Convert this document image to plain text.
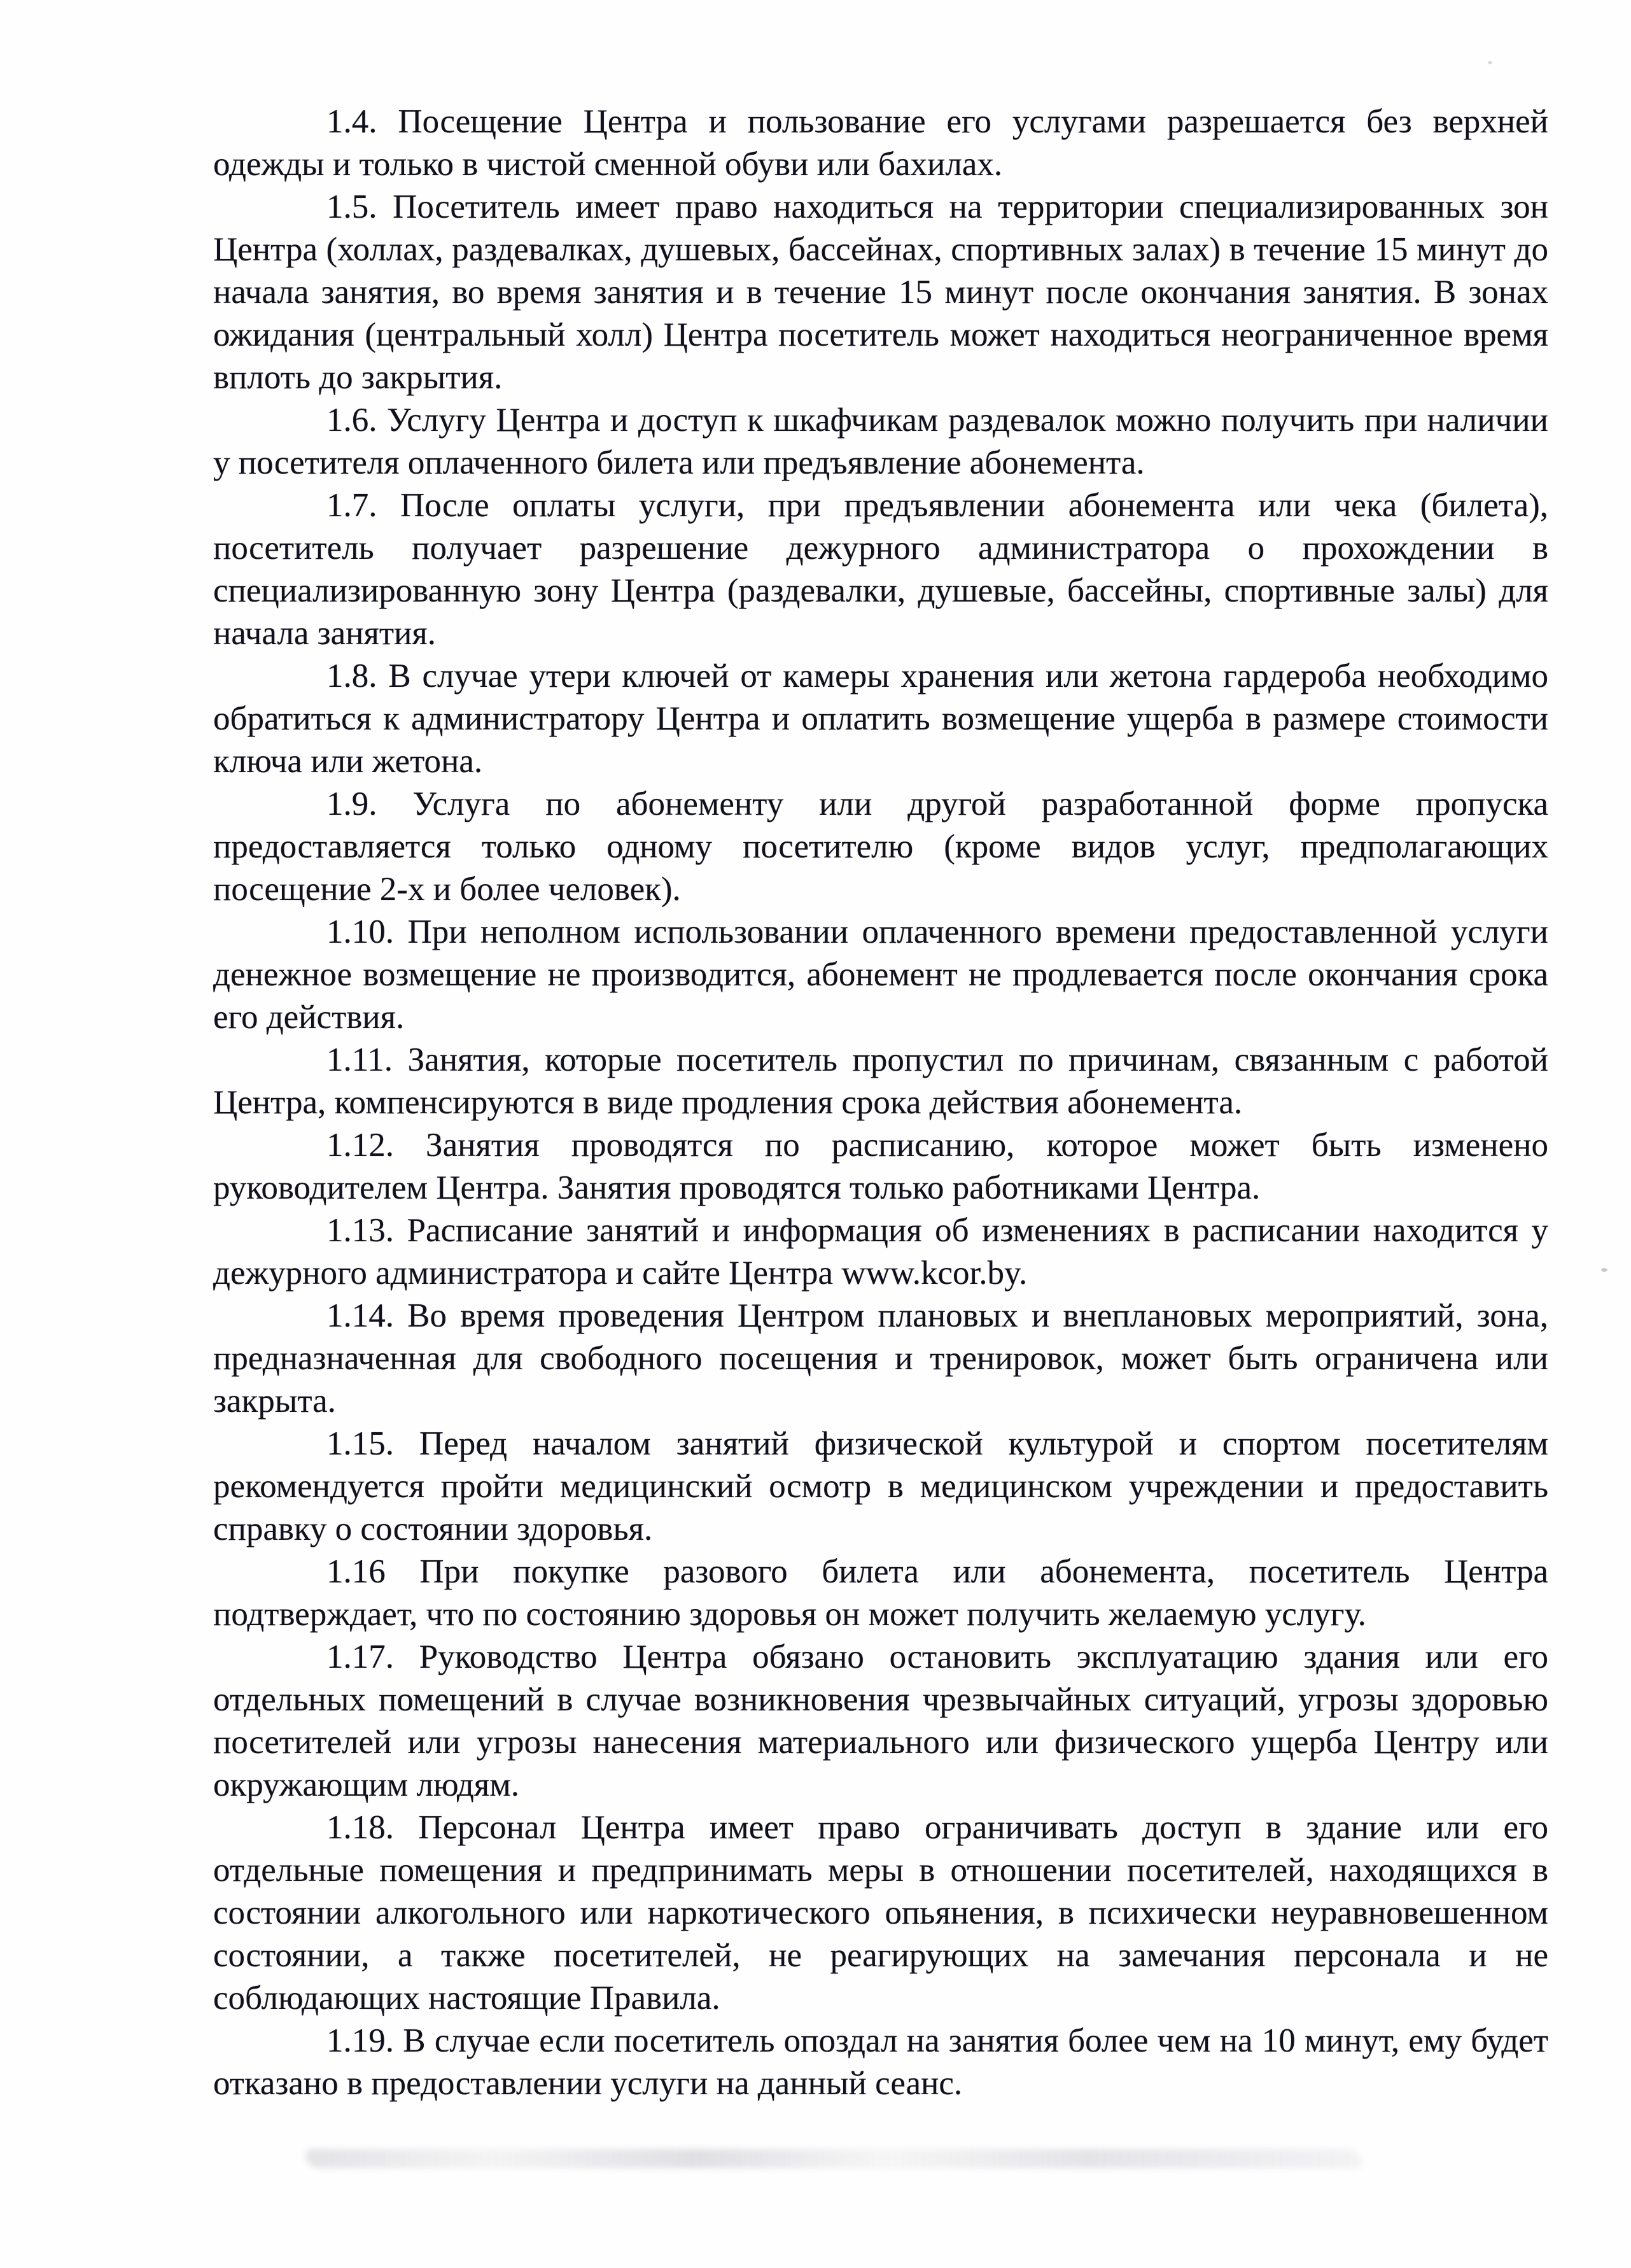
1.4. Посещение Центра и пользование его услугами разрешается без верхней одежды и только в чистой сменной обуви или бахилах.

1.5. Посетитель имеет право находиться на территории специализированных зон Центра (холлах, раздевалках, душевых, бассейнах, спортивных залах) в течение 15 минут до начала занятия, во время занятия и в течение 15 минут после окончания занятия. В зонах ожидания (центральный холл) Центра посетитель может находиться неограниченное время вплоть до закрытия.

1.6. Услугу Центра и доступ к шкафчикам раздевалок можно получить при наличии у посетителя оплаченного билета или предъявление абонемента.

1.7. После оплаты услуги, при предъявлении абонемента или чека (билета), посетитель получает разрешение дежурного администратора о прохождении в специализированную зону Центра (раздевалки, душевые, бассейны, спортивные залы) для начала занятия.

1.8. В случае утери ключей от камеры хранения или жетона гардероба необходимо обратиться к администратору Центра и оплатить возмещение ущерба в размере стоимости ключа или жетона.

1.9. Услуга по абонементу или другой разработанной форме пропуска предоставляется только одному посетителю (кроме видов услуг, предполагающих посещение 2-х и более человек).

1.10. При неполном использовании оплаченного времени предоставленной услуги денежное возмещение не производится, абонемент не продлевается после окончания срока его действия.

1.11. Занятия, которые посетитель пропустил по причинам, связанным с работой Центра, компенсируются в виде продления срока действия абонемента.

1.12. Занятия проводятся по расписанию, которое может быть изменено руководителем Центра. Занятия проводятся только работниками Центра.

1.13. Расписание занятий и информация об изменениях в расписании находится у дежурного администратора и сайте Центра www.kcor.by.

1.14. Во время проведения Центром плановых и внеплановых мероприятий, зона, предназначенная для свободного посещения и тренировок, может быть ограничена или закрыта.

1.15. Перед началом занятий физической культурой и спортом посетителям рекомендуется пройти медицинский осмотр в медицинском учреждении и предоставить справку о состоянии здоровья.

1.16 При покупке разового билета или абонемента, посетитель Центра подтверждает, что по состоянию здоровья он может получить желаемую услугу.

1.17. Руководство Центра обязано остановить эксплуатацию здания или его отдельных помещений в случае возникновения чрезвычайных ситуаций, угрозы здоровью посетителей или угрозы нанесения материального или физического ущерба Центру или окружающим людям.

1.18. Персонал Центра имеет право ограничивать доступ в здание или его отдельные помещения и предпринимать меры в отношении посетителей, находящихся в состоянии алкогольного или наркотического опьянения, в психически неуравновешенном состоянии, а также посетителей, не реагирующих на замечания персонала и не соблюдающих настоящие Правила.

1.19. В случае если посетитель опоздал на занятия более чем на 10 минут, ему будет отказано в предоставлении услуги на данный сеанс.
